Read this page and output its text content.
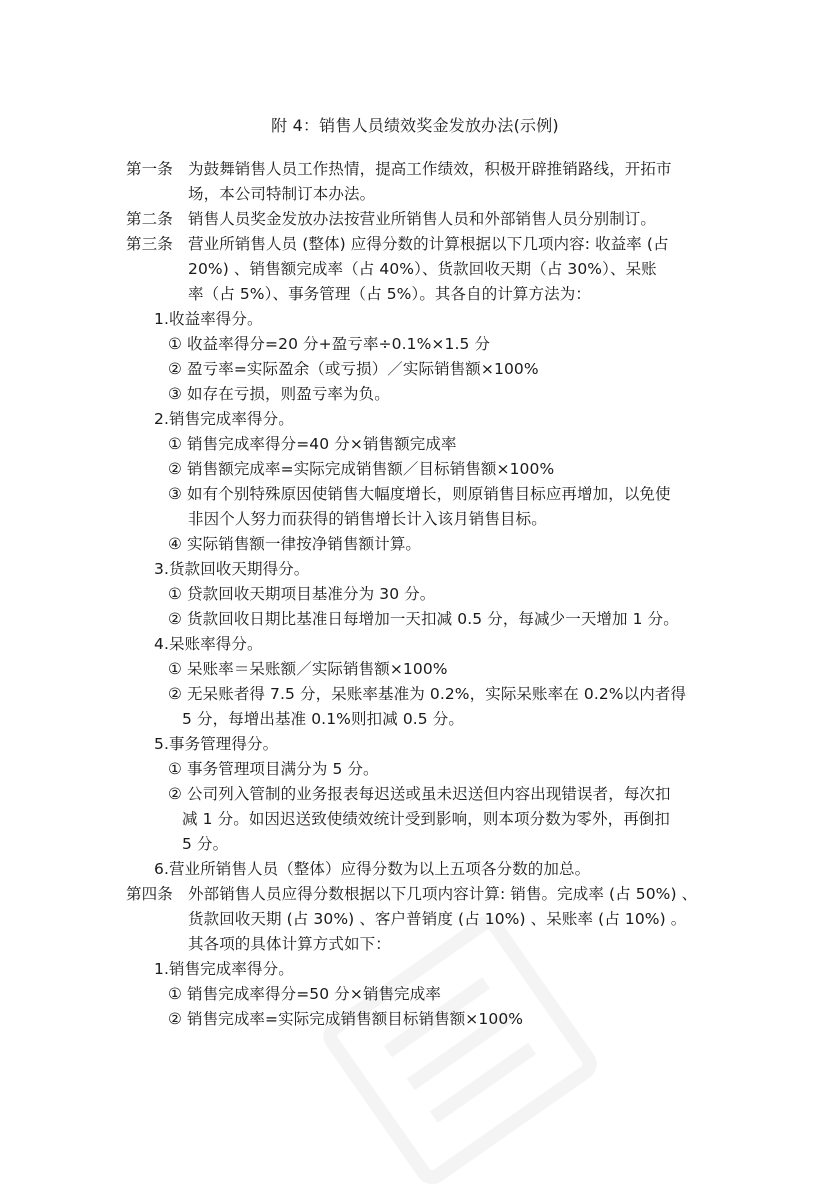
附 4：销售人员绩效奖金发放办法(示例)
第一条 为鼓舞销售人员工作热情，提高工作绩效，积极开辟推销路线，开拓市
场，本公司特制订本办法。
第二条 销售人员奖金发放办法按营业所销售人员和外部销售人员分别制订。
第三条 营业所销售人员 (整体) 应得分数的计算根据以下几项内容: 收益率 (占
20%) 、销售额完成率（占 40%）、货款回收天期（占 30%）、呆账
率（占 5%）、事务管理（占 5%）。其各自的计算方法为：
1.收益率得分。
① 收益率得分=20 分+盈亏率÷0.1%×1.5 分
② 盈亏率=实际盈余（或亏损）／实际销售额×100%
③ 如存在亏损，则盈亏率为负。
2.销售完成率得分。
① 销售完成率得分=40 分×销售额完成率
② 销售额完成率=实际完成销售额／目标销售额×100%
③ 如有个别特殊原因使销售大幅度增长，则原销售目标应再增加，以免使
非因个人努力而获得的销售增长计入该月销售目标。
④ 实际销售额一律按净销售额计算。
3.货款回收天期得分。
① 贷款回收天期项目基准分为 30 分。
② 货款回收日期比基准日每增加一天扣减 0.5 分，每减少一天增加 1 分。
4.呆账率得分。
① 呆账率＝呆账额／实际销售额×100%
② 无呆账者得 7.5 分，呆账率基准为 0.2%，实际呆账率在 0.2%以内者得
5 分，每增出基准 0.1%则扣减 0.5 分。
5.事务管理得分。
① 事务管理项目满分为 5 分。
② 公司列入管制的业务报表每迟送或虽未迟送但内容出现错误者，每次扣
减 1 分。如因迟送致使绩效统计受到影响，则本项分数为零外，再倒扣
5 分。
6.营业所销售人员（整体）应得分数为以上五项各分数的加总。
第四条 外部销售人员应得分数根据以下几项内容计算: 销售。完成率 (占 50%) 、
货款回收天期 (占 30%) 、客户普销度 (占 10%) 、呆账率 (占 10%) 。
其各项的具体计算方式如下：
1.销售完成率得分。
① 销售完成率得分=50 分×销售完成率
② 销售完成率=实际完成销售额目标销售额×100%
